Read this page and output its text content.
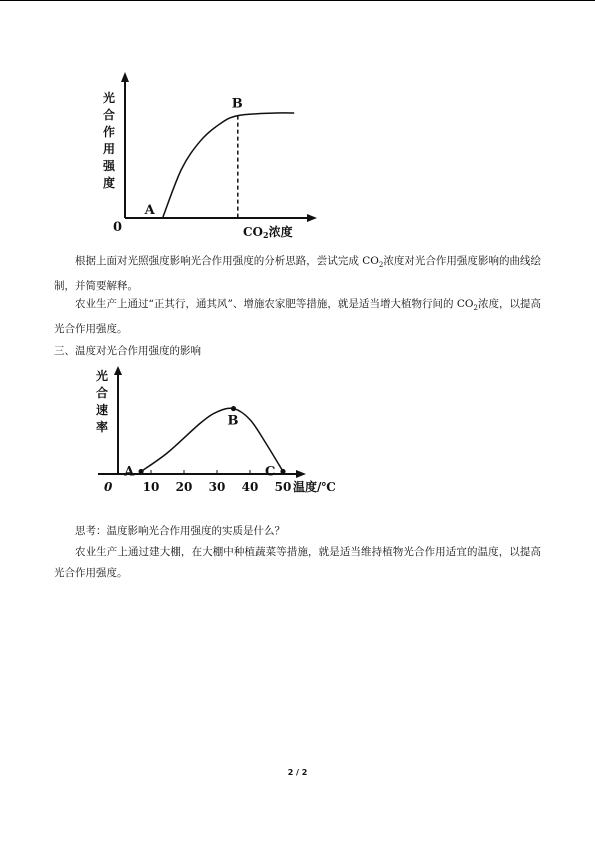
0
光
合
作
用
强
度
CO2浓度
A
B

根据上面对光照强度影响光合作用强度的分析思路，尝试完成 $CO_2$浓度对光合作用强度影响的曲线绘制，并简要解释。

农业生产上通过“正其行，通其风”、增施农家肥等措施，就是适当增大植物行间的 $CO_2$浓度，以提高光合作用强度。

三、温度对光合作用强度的影响

0
光
合
速
率
10 20 30 40 50 温度/℃
A
B
C

思考：温度影响光合作用强度的实质是什么？

农业生产上通过建大棚，在大棚中种植蔬菜等措施，就是适当维持植物光合作用适宜的温度，以提高光合作用强度。

2 / 2
